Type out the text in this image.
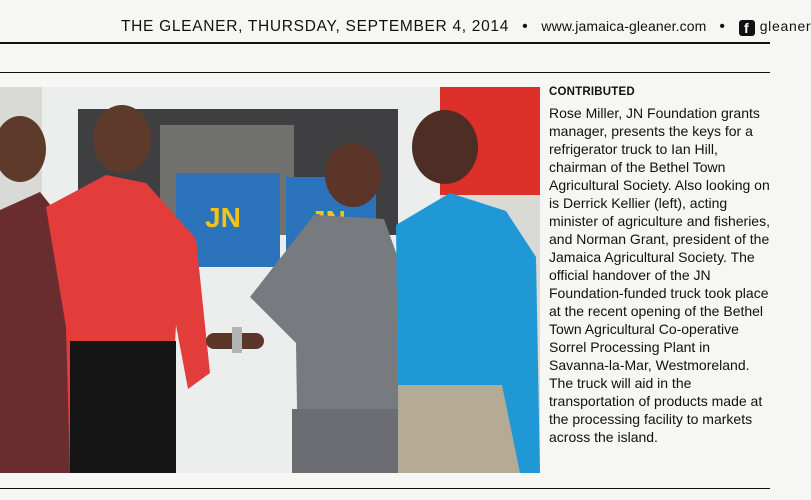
THE GLEANER, THURSDAY, SEPTEMBER 4, 2014 • www.jamaica-gleaner.com • f gleaner
JN
CONTRIBUTED

Rose Miller, JN Foundation grants manager, presents the keys for a refrigerator truck to Ian Hill, chairman of the Bethel Town Agricultural Society. Also looking on is Derrick Kellier (left), acting minister of agriculture and fisheries, and Norman Grant, president of the Jamaica Agricultural Society. The official handover of the JN Foundation-funded truck took place at the recent opening of the Bethel Town Agricultural Co-operative Sorrel Processing Plant in Savanna-la-Mar, Westmoreland. The truck will aid in the transportation of products made at the processing facility to markets across the island.
